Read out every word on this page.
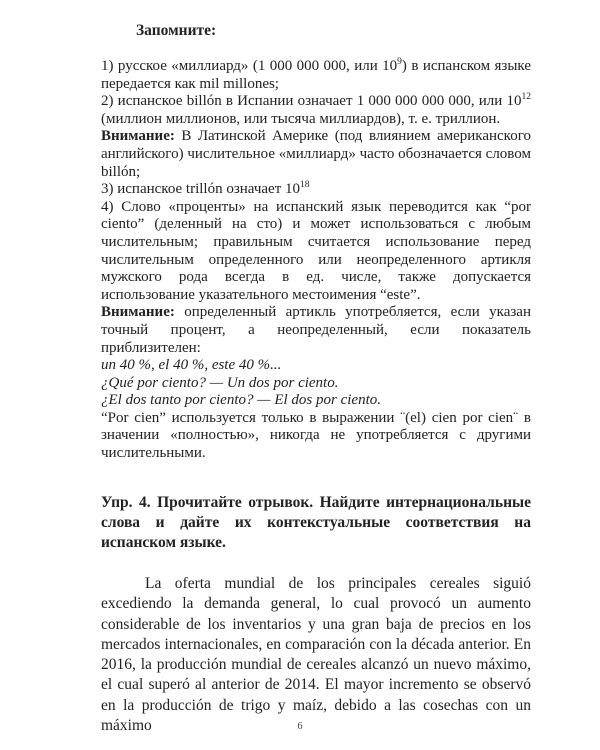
Запомните:

1) русское «миллиард» (1 000 000 000, или $10^9$) в испанском языке передается как mil millones;

2) испанское billón в Испании означает 1 000 000 000 000, или $10^{12}$ (миллион миллионов, или тысяча миллиардов), т. е. триллион.

Внимание: В Латинской Америке (под влиянием американского английского) числительное «миллиард» часто обозначается словом billón;

3) испанское trillón означает $10^{18}$

4) Слово «проценты» на испанский язык переводится как “por ciento” (деленный на сто) и может использоваться с любым числительным; правильным считается использование перед числительным определенного или неопределенного артикля мужского рода всегда в ед. числе, также допускается использование указательного местоимения “este”.

Внимание: определенный артикль употребляется, если указан точный процент, а неопределенный, если показатель приблизителен:

un 40 %, el 40 %, este 40 %...

¿Qué por ciento? — Un dos por ciento.

¿El dos tanto por ciento? — El dos por ciento.

“Por cien” используется только в выражении ¨(el) cien por cien¨ в значении «полностью», никогда не употребляется с другими числительными.

Упр. 4. Прочитайте отрывок. Найдите интернациональные слова и дайте их контекстуальные соответствия на испанском языке.

La oferta mundial de los principales cereales siguió excediendo la demanda general, lo cual provocó un aumento considerable de los inventarios y una gran baja de precios en los mercados internacionales, en comparación con la década anterior. En 2016, la producción mundial de cereales alcanzó un nuevo máximo, el cual superó al anterior de 2014. El mayor incremento se observó en la producción de trigo y maíz, debido a las cosechas con un máximo	6
